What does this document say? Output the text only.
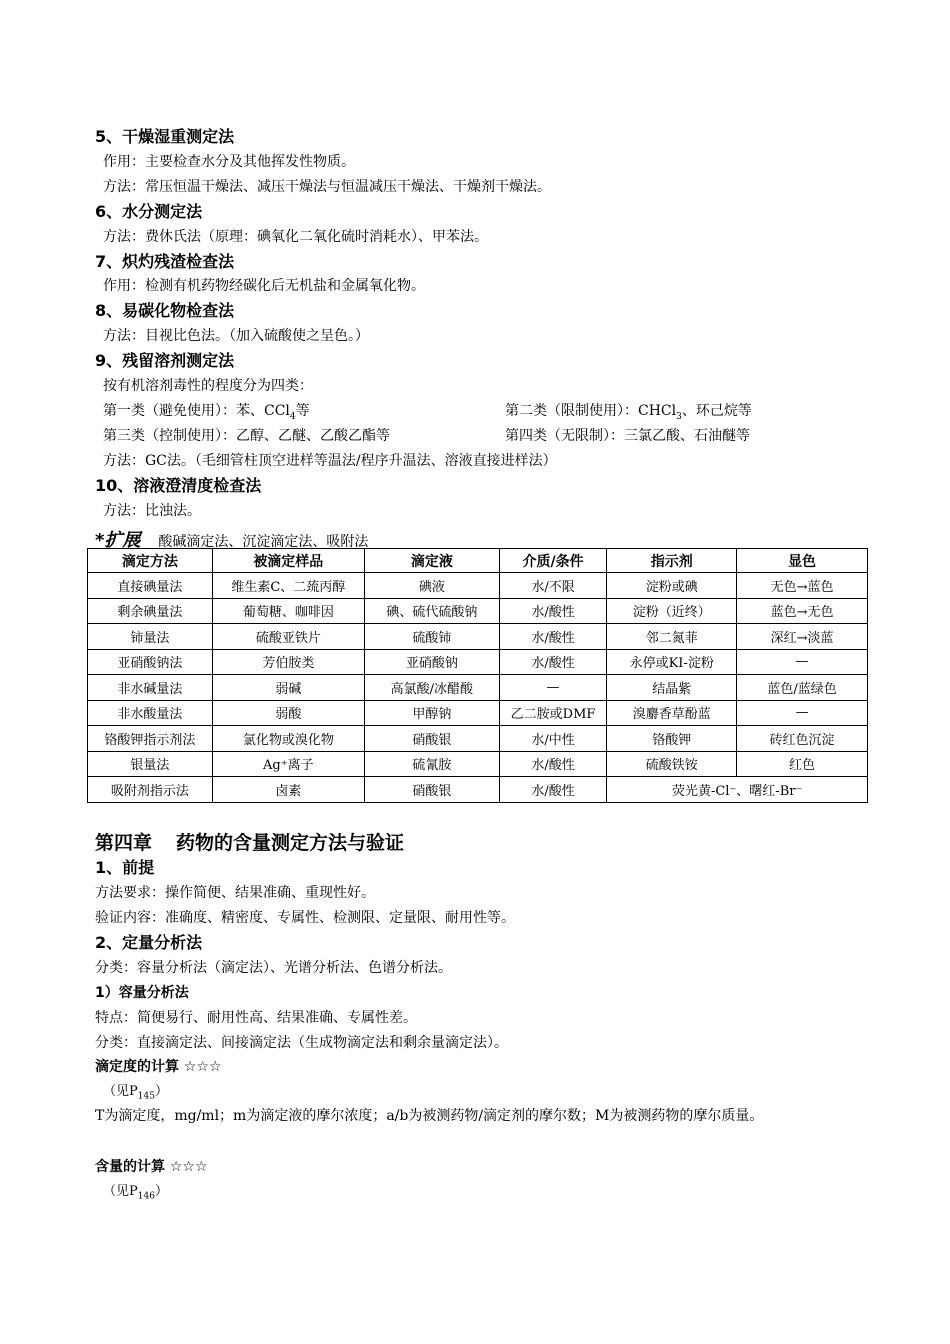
5、干燥湿重测定法
作用：主要检查水分及其他挥发性物质。
方法：常压恒温干燥法、减压干燥法与恒温减压干燥法、干燥剂干燥法。
6、水分测定法
方法：费休氏法（原理：碘氧化二氧化硫时消耗水）、甲苯法。
7、炽灼残渣检查法
作用：检测有机药物经碳化后无机盐和金属氧化物。
8、易碳化物检查法
方法：目视比色法。（加入硫酸使之呈色。）
9、残留溶剂测定法
按有机溶剂毒性的程度分为四类：
第一类（避免使用）：苯、CCl$_4$等	第二类（限制使用）：CHCl$_3$、环己烷等
第三类（控制使用）：乙醇、乙醚、乙酸乙酯等	第四类（无限制）：三氯乙酸、石油醚等
方法：GC法。（毛细管柱顶空进样等温法/程序升温法、溶液直接进样法）
10、溶液澄清度检查法
方法：比浊法。
*扩展 酸碱滴定法、沉淀滴定法、吸附法
滴定方法	被滴定样品	滴定液	介质/条件	指示剂	显色
直接碘量法	维生素C、二巯丙醇	碘液	水/不限	淀粉或碘	无色→蓝色
剩余碘量法	葡萄糖、咖啡因	碘、硫代硫酸钠	水/酸性	淀粉（近终）	蓝色→无色
铈量法	硫酸亚铁片	硫酸铈	水/酸性	邻二氮菲	深红→淡蓝
亚硝酸钠法	芳伯胺类	亚硝酸钠	水/酸性	永停或KI-淀粉	—
非水碱量法	弱碱	高氯酸/冰醋酸	—	结晶紫	蓝色/蓝绿色
非水酸量法	弱酸	甲醇钠	乙二胺或DMF	溴麝香草酚蓝	—
铬酸钾指示剂法	氯化物或溴化物	硝酸银	水/中性	铬酸钾	砖红色沉淀
银量法	Ag⁺离子	硫氰胺	水/酸性	硫酸铁铵	红色
吸附剂指示法	卤素	硝酸银	水/酸性	荧光黄-Cl⁻、曙红-Br⁻	
第四章 药物的含量测定方法与验证
1、前提
方法要求：操作简便、结果准确、重现性好。
验证内容：准确度、精密度、专属性、检测限、定量限、耐用性等。
2、定量分析法
分类：容量分析法（滴定法）、光谱分析法、色谱分析法。
1）容量分析法
特点：简便易行、耐用性高、结果准确、专属性差。
分类：直接滴定法、间接滴定法（生成物滴定法和剩余量滴定法）。
滴定度的计算 ☆☆☆
（见$P_{145}$）
T为滴定度，mg/ml；m为滴定液的摩尔浓度；a/b为被测药物/滴定剂的摩尔数；M为被测药物的摩尔质量。
含量的计算 ☆☆☆
（见$P_{146}$）
